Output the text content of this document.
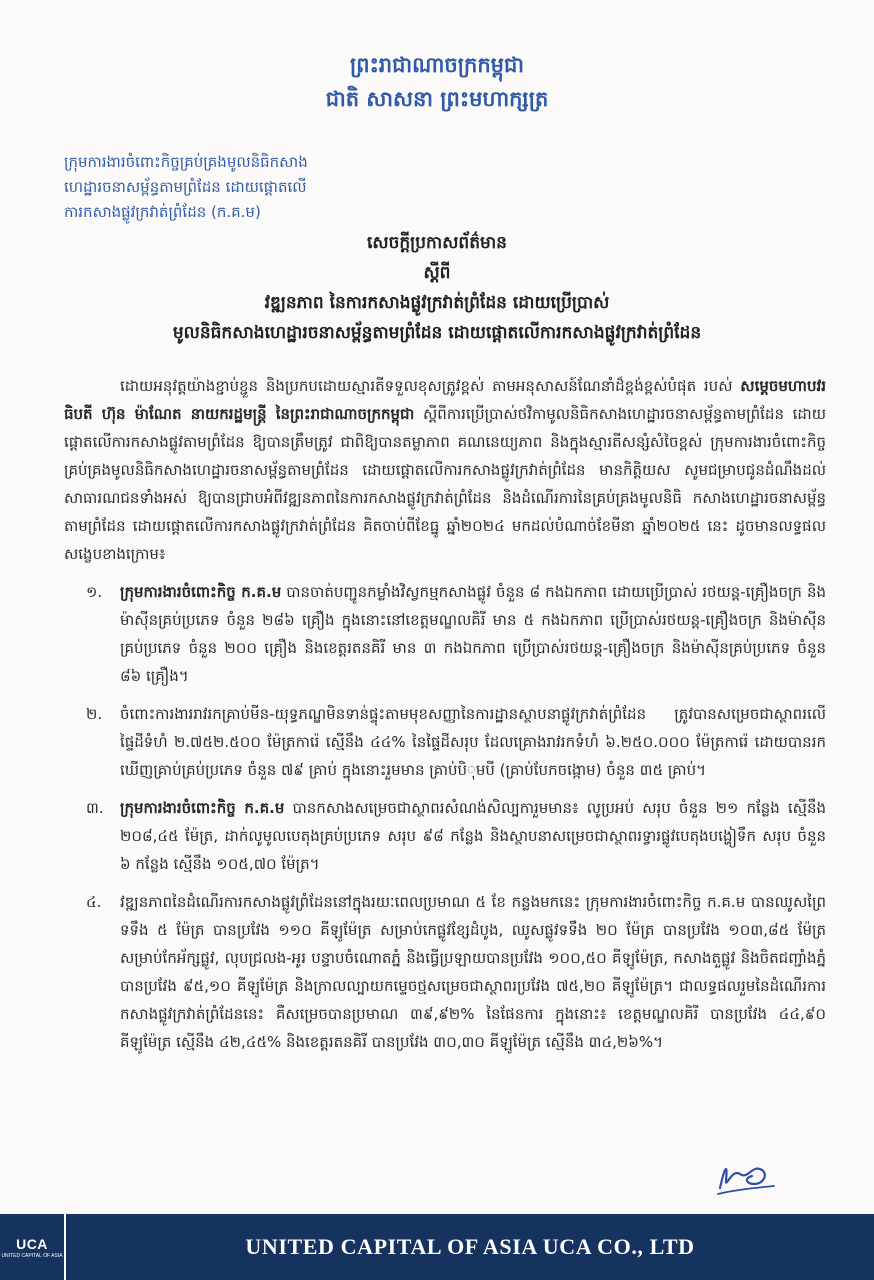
ព្រះរាជាណាចក្រកម្ពុជា
ជាតិ សាសនា ព្រះមហាក្សត្រ
ក្រុមការងារចំពោះកិច្ចគ្រប់គ្រងមូលនិធិកសាង
ហេដ្ឋារចនាសម្ព័ន្ធតាមព្រំដែន ដោយផ្ដោតលើ
ការកសាងផ្លូវក្រវាត់ព្រំដែន (ក.គ.ម)
សេចក្ដីប្រកាសព័ត៌មាន
ស្ដីពី
វឌ្ឍនភាព នៃការកសាងផ្លូវក្រវាត់ព្រំដែន ដោយប្រើប្រាស់
មូលនិធិកសាងហេដ្ឋារចនាសម្ព័ន្ធតាមព្រំដែន ដោយផ្ដោតលើការកសាងផ្លូវក្រវាត់ព្រំដែន

ដោយអនុវត្តយ៉ាងខ្ជាប់ខ្ជួន និងប្រកបដោយស្មារតីទទួលខុសត្រូវខ្ពស់ តាមអនុសាសន៍ណែនាំដ៏ខ្ពង់ខ្ពស់បំផុត របស់ សម្ដេចមហាបវរធិបតី ហ៊ុន ម៉ាណែត នាយករដ្ឋមន្ត្រី នៃព្រះរាជាណាចក្រកម្ពុជា ស្ដីពីការប្រើប្រាស់ថវិកាមូលនិធិកសាងហេដ្ឋារចនាសម្ព័ន្ធតាមព្រំដែន ដោយផ្ដោតលើការកសាងផ្លូវតាមព្រំដែន ឱ្យបានត្រឹមត្រូវ ជាពិឱ្យបានតម្លាភាព គណនេយ្យភាព និងក្នុងស្មារតីសន្សំសំចៃខ្ពស់ ក្រុមការងារចំពោះកិច្ចគ្រប់គ្រងមូលនិធិកសាងហេដ្ឋារចនាសម្ព័ន្ធតាមព្រំដែន ដោយផ្ដោតលើការកសាងផ្លូវក្រវាត់ព្រំដែន មានកិត្តិយស សូមជម្រាបជូនដំណឹងដល់សាធារណជនទាំងអស់ ឱ្យបានជ្រាបអំពីវឌ្ឍនភាពនៃការកសាងផ្លូវក្រវាត់ព្រំដែន និងដំណើរការនៃគ្រប់គ្រងមូលនិធិ កសាងហេដ្ឋារចនាសម្ព័ន្ធតាមព្រំដែន ដោយផ្ដោតលើការកសាងផ្លូវក្រវាត់ព្រំដែន គិតចាប់ពីខែធ្នូ ឆ្នាំ២០២៤ មកដល់បំណាច់ខែមីនា ឆ្នាំ២០២៥ នេះ ដូចមានលទ្ធផលសង្ខេបខាងក្រោម៖

១.	ក្រុមការងារចំពោះកិច្ច ក.គ.ម បានចាត់បញ្ជូនកម្លាំងវិស្វកម្មកសាងផ្លូវ ចំនួន ៨ កងឯកភាព ដោយប្រើប្រាស់ រថយន្ត-គ្រឿងចក្រ និងម៉ាស៊ីនគ្រប់ប្រភេទ ចំនួន ២៨៦ គ្រឿង ក្នុងនោះនៅខេត្តមណ្ឌលគិរី មាន ៥ កងឯកភាព ប្រើប្រាស់រថយន្ត-គ្រឿងចក្រ និងម៉ាស៊ីនគ្រប់ប្រភេទ ចំនួន ២០០ គ្រឿង និងខេត្តរតនគិរី មាន ៣ កងឯកភាព ប្រើប្រាស់រថយន្ត-គ្រឿងចក្រ និងម៉ាស៊ីនគ្រប់ប្រភេទ ចំនួន ៨៦ គ្រឿង។
២.	ចំពោះការងាររាវរកគ្រាប់មីន-យុទ្ធភណ្ឌមិនទាន់ផ្ទុះតាមមុខសញ្ញានៃការដ្ឋានស្ថាបនាផ្លូវក្រវាត់ព្រំដែន ត្រូវបានសម្រេចជាស្ថាពរលើផ្ទៃដីទំហំ ២.៧៥២.៥០០ ម៉ែត្រការ៉េ ស្មើនឹង ៤៤% នៃផ្ទៃដីសរុប ដែលគ្រោងរាវរកទំហំ ៦.២៥០.០០០ ម៉ែត្រការ៉េ ដោយបានរកឃើញគ្រាប់គ្រប់ប្រភេទ ចំនួន ៧៩ គ្រាប់ ក្នុងនោះរួមមាន គ្រាប់បិុមបី (គ្រាប់បែកចង្កោម) ចំនួន ៣៥ គ្រាប់។
៣.	ក្រុមការងារចំពោះកិច្ច ក.គ.ម បានកសាងសម្រេចជាស្ថាពរសំណង់សិល្បការួមមាន៖ លូប្រអប់ សរុប ចំនួន ២១ កន្លែង ស្មើនឹង ២០៨,៤៥ ម៉ែត្រ, ដាក់លូមូលបេតុងគ្រប់ប្រភេទ សរុប ៩៨ កន្លែង និងស្ថាបនាសម្រេចជាស្ថាពរទ្វារផ្លូវបេតុងបង្ហៀទឹក សរុប ចំនួន ៦ កន្លែង ស្មើនឹង ១០៥,៧០ ម៉ែត្រ។
៤.	វឌ្ឍនភាពនៃដំណើរការកសាងផ្លូវព្រំដែននៅក្នុងរយៈពេលប្រមាណ ៥ ខែ កន្លងមកនេះ ក្រុមការងារចំពោះកិច្ច ក.គ.ម បានឈូសព្រៃទទឹង ៥ ម៉ែត្រ បានប្រវែង ១១០ គីឡូម៉ែត្រ សម្រាប់កេផ្លូវខ្សែដំបូង, ឈូសផ្លូវទទឹង ២០ ម៉ែត្រ បានប្រវែង ១០៣,៨៥ ម៉ែត្រ សម្រាប់កែអ័ក្សផ្លូវ, លុបជ្រលង-អូរ បន្ទាបចំណោតភ្នំ និងធ្វើប្រឡាយបានប្រវែង ១០០,៥០ គីឡូម៉ែត្រ, កសាងតួផ្លូវ និងចិតជញ្ជាំងភ្នំ បានប្រវែង ៩៥,១០ គីឡូម៉ែត្រ និងក្រាលល្បាយកម្ទេចថ្មសម្រេចជាស្ថាពរប្រវែង ៧៥,២០ គីឡូម៉ែត្រ។ ជាលទ្ធផលរួមនៃដំណើរការកសាងផ្លូវក្រវាត់ព្រំដែននេះ គឺសម្រេចបានប្រមាណ ៣៩,៩២% នៃផែនការ ក្នុងនោះ៖ ខេត្តមណ្ឌលគិរី បានប្រវែង ៤៤,៩០ គីឡូម៉ែត្រ ស្មើនឹង ៤២,៤៥% និងខេត្តរតនគិរី បានប្រវែង ៣០,៣០ គីឡូម៉ែត្រ ស្មើនឹង ៣៤,២៦%។
UCA
UNITED CAPITAL OF ASIA	UNITED CAPITAL OF ASIA UCA CO., LTD
